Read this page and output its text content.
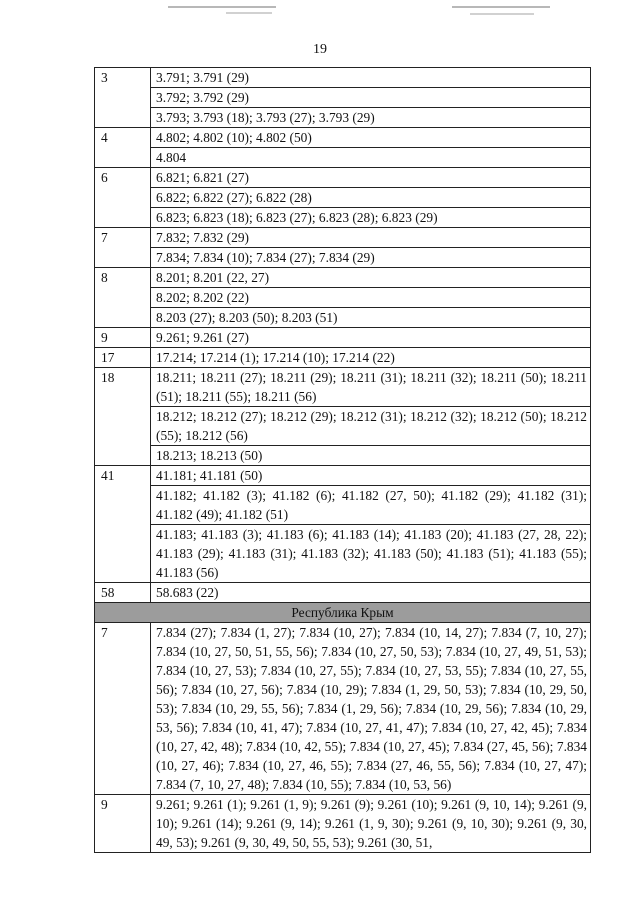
19
3	3.791; 3.791 (29)
	3.792; 3.792 (29)
	3.793; 3.793 (18); 3.793 (27); 3.793 (29)
4	4.802; 4.802 (10); 4.802 (50)
	4.804
6	6.821; 6.821 (27)
	6.822; 6.822 (27); 6.822 (28)
	6.823; 6.823 (18); 6.823 (27); 6.823 (28); 6.823 (29)
7	7.832; 7.832 (29)
	7.834; 7.834 (10); 7.834 (27); 7.834 (29)
8	8.201; 8.201 (22, 27)
	8.202; 8.202 (22)
	8.203 (27); 8.203 (50); 8.203 (51)
9	9.261; 9.261 (27)
17	17.214; 17.214 (1); 17.214 (10); 17.214 (22)
18	18.211; 18.211 (27); 18.211 (29); 18.211 (31); 18.211 (32); 18.211 (50); 18.211 (51); 18.211 (55); 18.211 (56)
	18.212; 18.212 (27); 18.212 (29); 18.212 (31); 18.212 (32); 18.212 (50); 18.212 (55); 18.212 (56)
	18.213; 18.213 (50)
41	41.181; 41.181 (50)
	41.182; 41.182 (3); 41.182 (6); 41.182 (27, 50); 41.182 (29); 41.182 (31); 41.182 (49); 41.182 (51)
	41.183; 41.183 (3); 41.183 (6); 41.183 (14); 41.183 (20); 41.183 (27, 28, 22); 41.183 (29); 41.183 (31); 41.183 (32); 41.183 (50); 41.183 (51); 41.183 (55); 41.183 (56)
58	58.683 (22)
Республика Крым	
7	7.834 (27); 7.834 (1, 27); 7.834 (10, 27); 7.834 (10, 14, 27); 7.834 (7, 10, 27); 7.834 (10, 27, 50, 51, 55, 56); 7.834 (10, 27, 50, 53); 7.834 (10, 27, 49, 51, 53); 7.834 (10, 27, 53); 7.834 (10, 27, 55); 7.834 (10, 27, 53, 55); 7.834 (10, 27, 55, 56); 7.834 (10, 27, 56); 7.834 (10, 29); 7.834 (1, 29, 50, 53); 7.834 (10, 29, 50, 53); 7.834 (10, 29, 55, 56); 7.834 (1, 29, 56); 7.834 (10, 29, 56); 7.834 (10, 29, 53, 56); 7.834 (10, 41, 47); 7.834 (10, 27, 41, 47); 7.834 (10, 27, 42, 45); 7.834 (10, 27, 42, 48); 7.834 (10, 42, 55); 7.834 (10, 27, 45); 7.834 (27, 45, 56); 7.834 (10, 27, 46); 7.834 (10, 27, 46, 55); 7.834 (27, 46, 55, 56); 7.834 (10, 27, 47); 7.834 (7, 10, 27, 48); 7.834 (10, 55); 7.834 (10, 53, 56)
9	9.261; 9.261 (1); 9.261 (1, 9); 9.261 (9); 9.261 (10); 9.261 (9, 10, 14); 9.261 (9, 10); 9.261 (14); 9.261 (9, 14); 9.261 (1, 9, 30); 9.261 (9, 10, 30); 9.261 (9, 30, 49, 53); 9.261 (9, 30, 49, 50, 55, 53); 9.261 (30, 51,
